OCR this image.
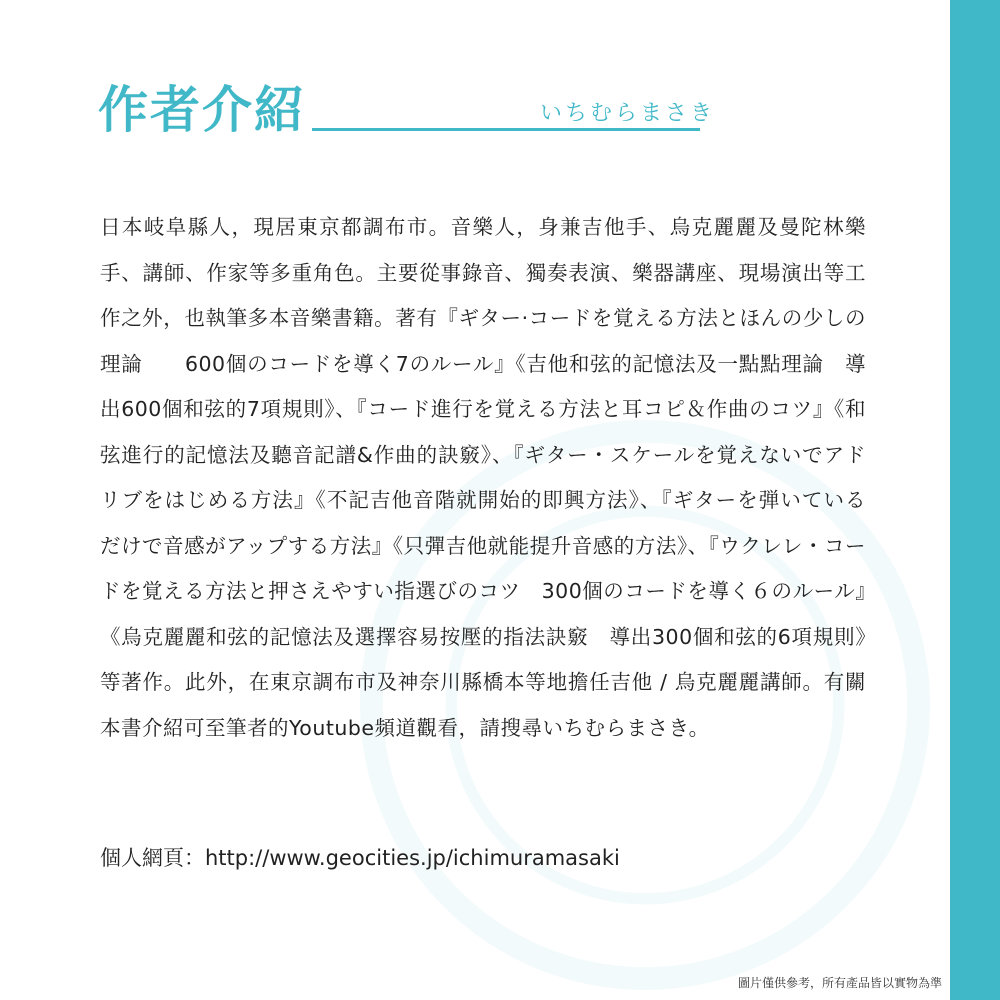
作者介紹	いちむらまさき
日本岐阜縣人，現居東京都調布市。音樂人，身兼吉他手、烏克麗麗及曼陀林樂手、講師、作家等多重角色。主要從事錄音、獨奏表演、樂器講座、現場演出等工作之外，也執筆多本音樂書籍。著有『ギター·コードを覚える方法とほんの少しの理論　　600個のコードを導く7のルール』《吉他和弦的記憶法及一點點理論　導出600個和弦的7項規則》、『コード進行を覚える方法と耳コピ＆作曲のコツ』《和弦進行的記憶法及聽音記譜&作曲的訣竅》、『ギター・スケールを覚えないでアドリブをはじめる方法』《不記吉他音階就開始的即興方法》、『ギターを弾いているだけで音感がアップする方法』《只彈吉他就能提升音感的方法》、『ウクレレ・コードを覚える方法と押さえやすい指選びのコツ　300個のコードを導く６のルール』《烏克麗麗和弦的記憶法及選擇容易按壓的指法訣竅　導出300個和弦的6項規則》等著作。此外，在東京調布市及神奈川縣橋本等地擔任吉他 / 烏克麗麗講師。有關本書介紹可至筆者的Youtube頻道觀看，請搜尋いちむらまさき。
個人網頁：http://www.geocities.jp/ichimuramasaki
圖片僅供參考，所有產品皆以實物為準
